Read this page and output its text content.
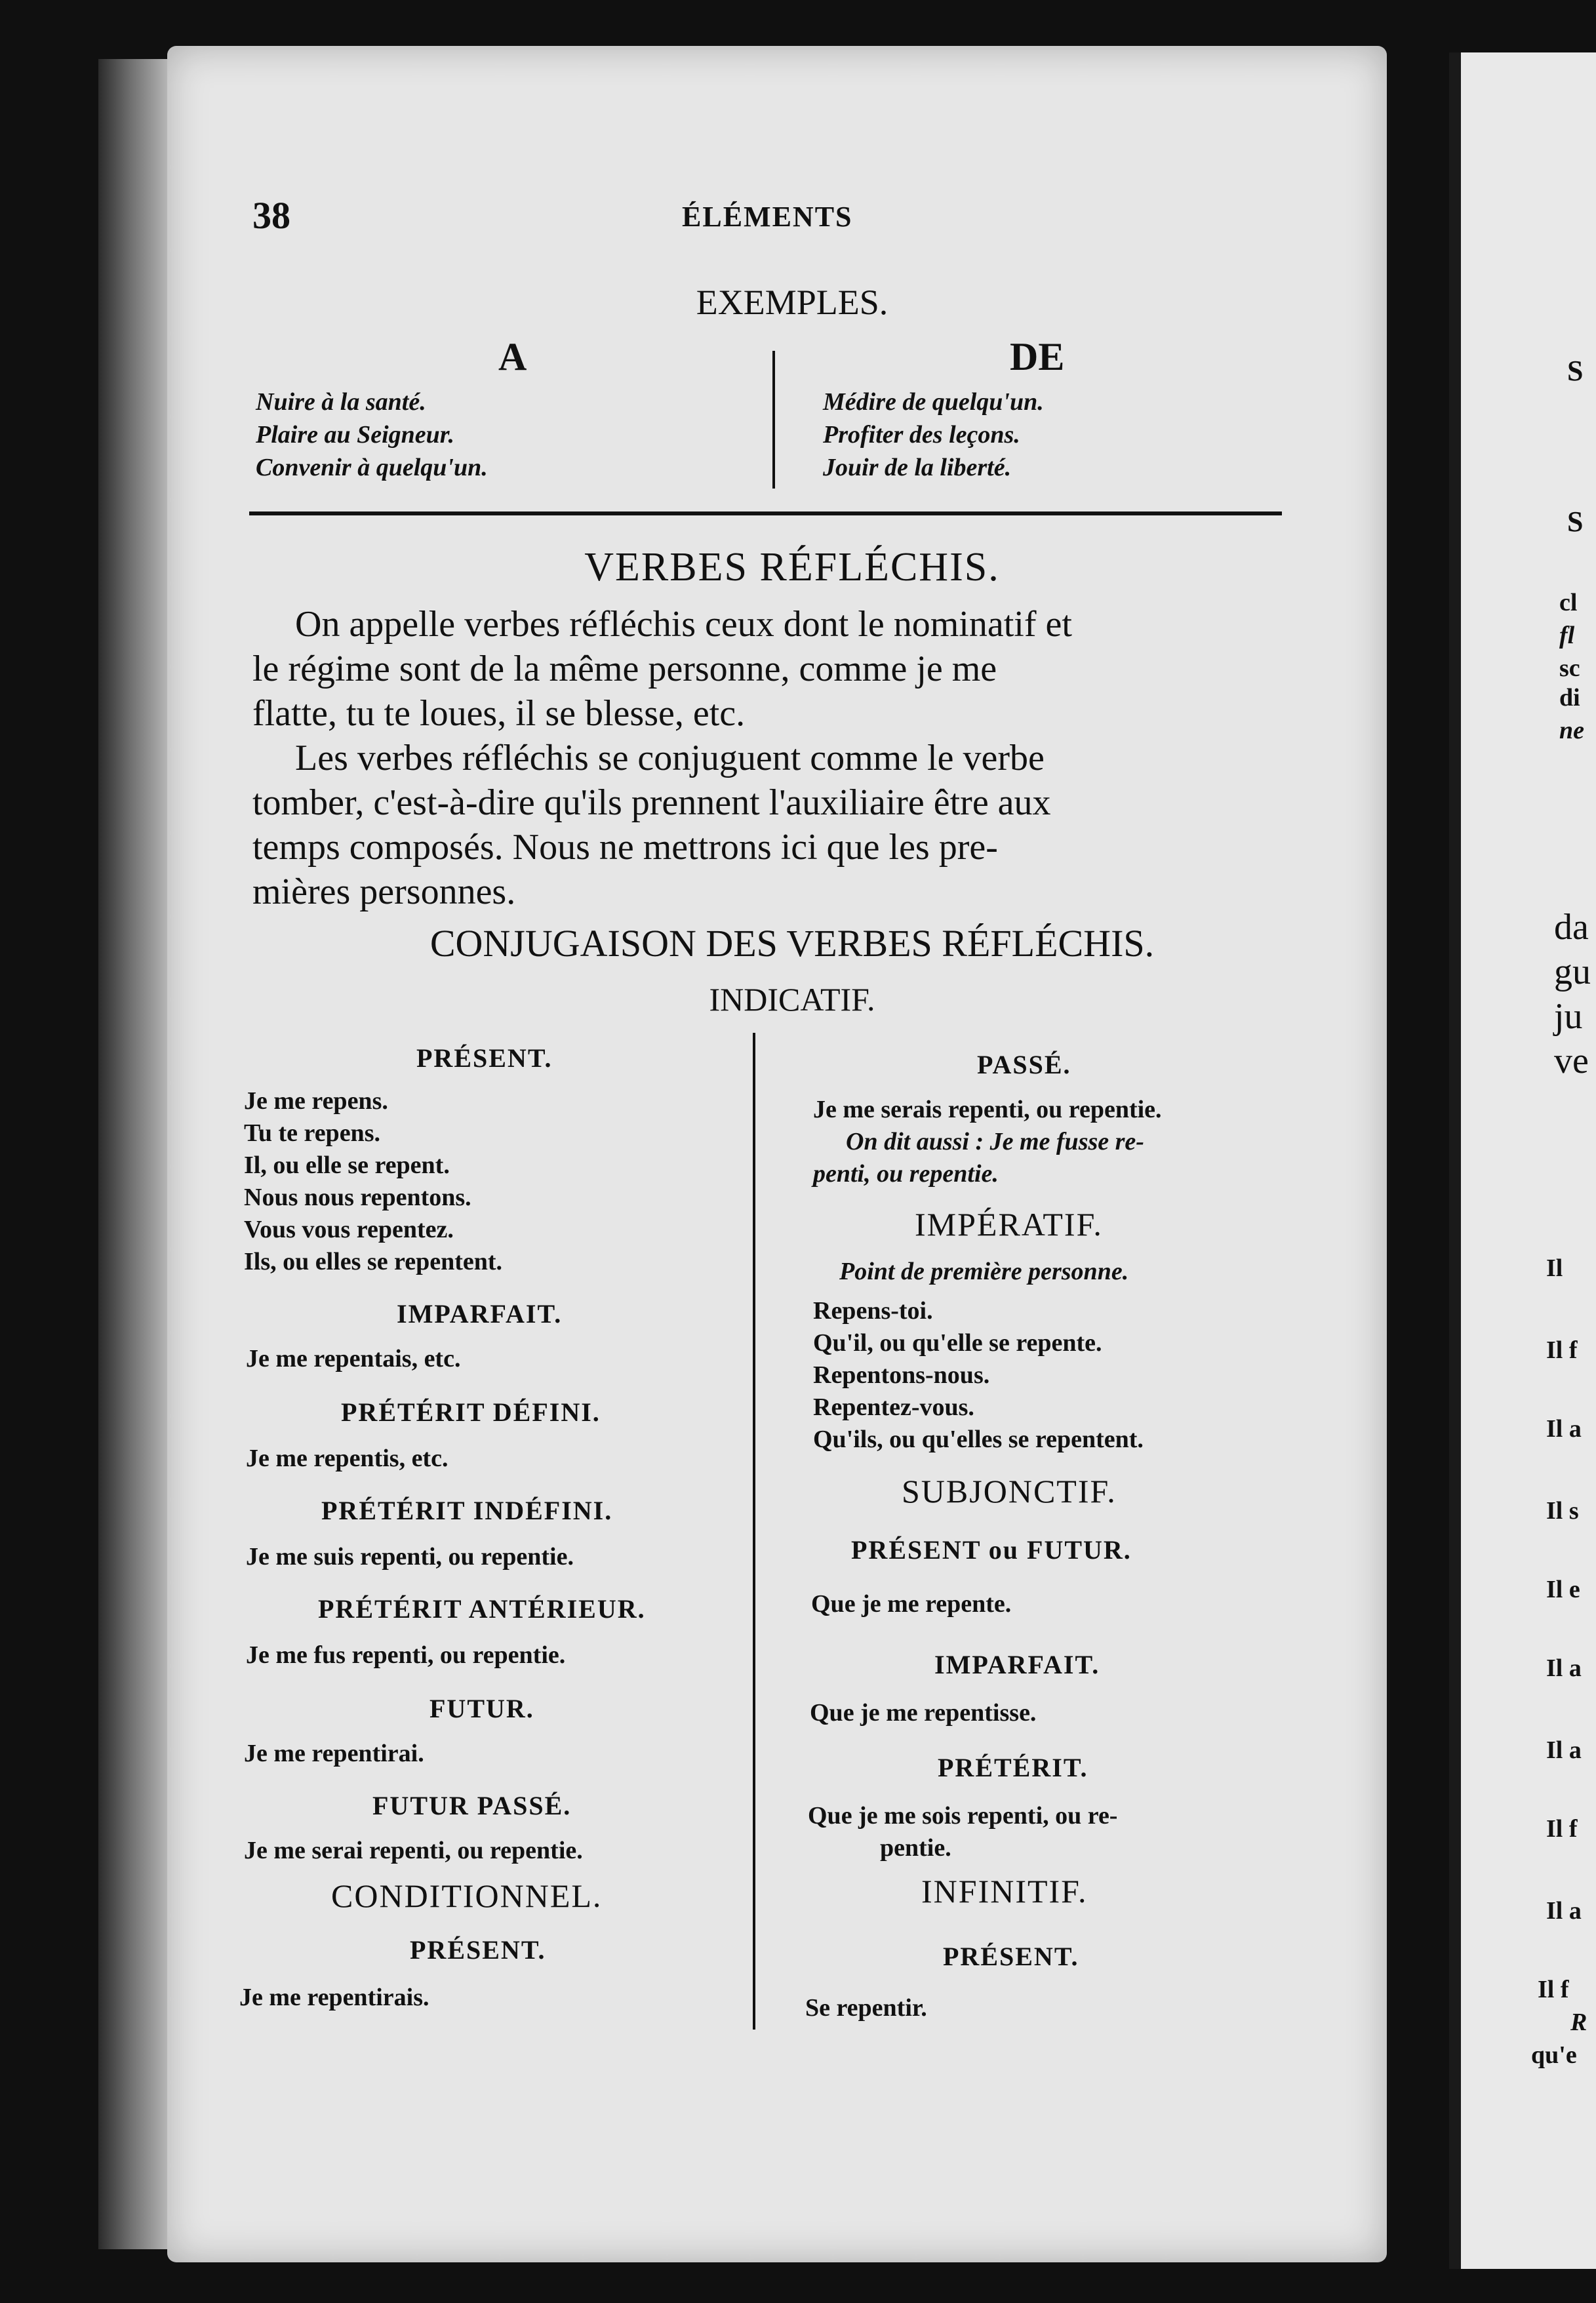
38	ÉLÉMENTS
EXEMPLES.
A	DE
Nuire à la santé.
Plaire au Seigneur.
Convenir à quelqu'un.
Médire de quelqu'un.
Profiter des leçons.
Jouir de la liberté.
VERBES RÉFLÉCHIS.
On appelle verbes réfléchis ceux dont le nominatif et
le régime sont de la même personne, comme je me
flatte, tu te loues, il se blesse, etc.
Les verbes réfléchis se conjuguent comme le verbe
tomber, c'est-à-dire qu'ils prennent l'auxiliaire être aux
temps composés. Nous ne mettrons ici que les pre-
mières personnes.
CONJUGAISON DES VERBES RÉFLÉCHIS.
INDICATIF.
PRÉSENT.
Je me repens.
Tu te repens.
Il, ou elle se repent.
Nous nous repentons.
Vous vous repentez.
Ils, ou elles se repentent.
IMPARFAIT.
Je me repentais, etc.
PRÉTÉRIT DÉFINI.
Je me repentis, etc.
PRÉTÉRIT INDÉFINI.
Je me suis repenti, ou repentie.
PRÉTÉRIT ANTÉRIEUR.
Je me fus repenti, ou repentie.
FUTUR.
Je me repentirai.
FUTUR PASSÉ.
Je me serai repenti, ou repentie.
CONDITIONNEL.
PRÉSENT.
Je me repentirais.
PASSÉ.
Je me serais repenti, ou repentie.
On dit aussi : Je me fusse re-
penti, ou repentie.
IMPÉRATIF.
Point de première personne.
Repens-toi.
Qu'il, ou qu'elle se repente.
Repentons-nous.
Repentez-vous.
Qu'ils, ou qu'elles se repentent.
SUBJONCTIF.
PRÉSENT ou FUTUR.
Que je me repente.
IMPARFAIT.
Que je me repentisse.
PRÉTÉRIT.
Que je me sois repenti, ou re-
pentie.
INFINITIF.
PRÉSENT.
Se repentir.
S
S
cl
fl
sc
di
ne
da
gu
ju
ve
Il
Il f
Il a
Il s
Il e
Il a
Il a
Il f
Il a
Il f
R
qu'e
